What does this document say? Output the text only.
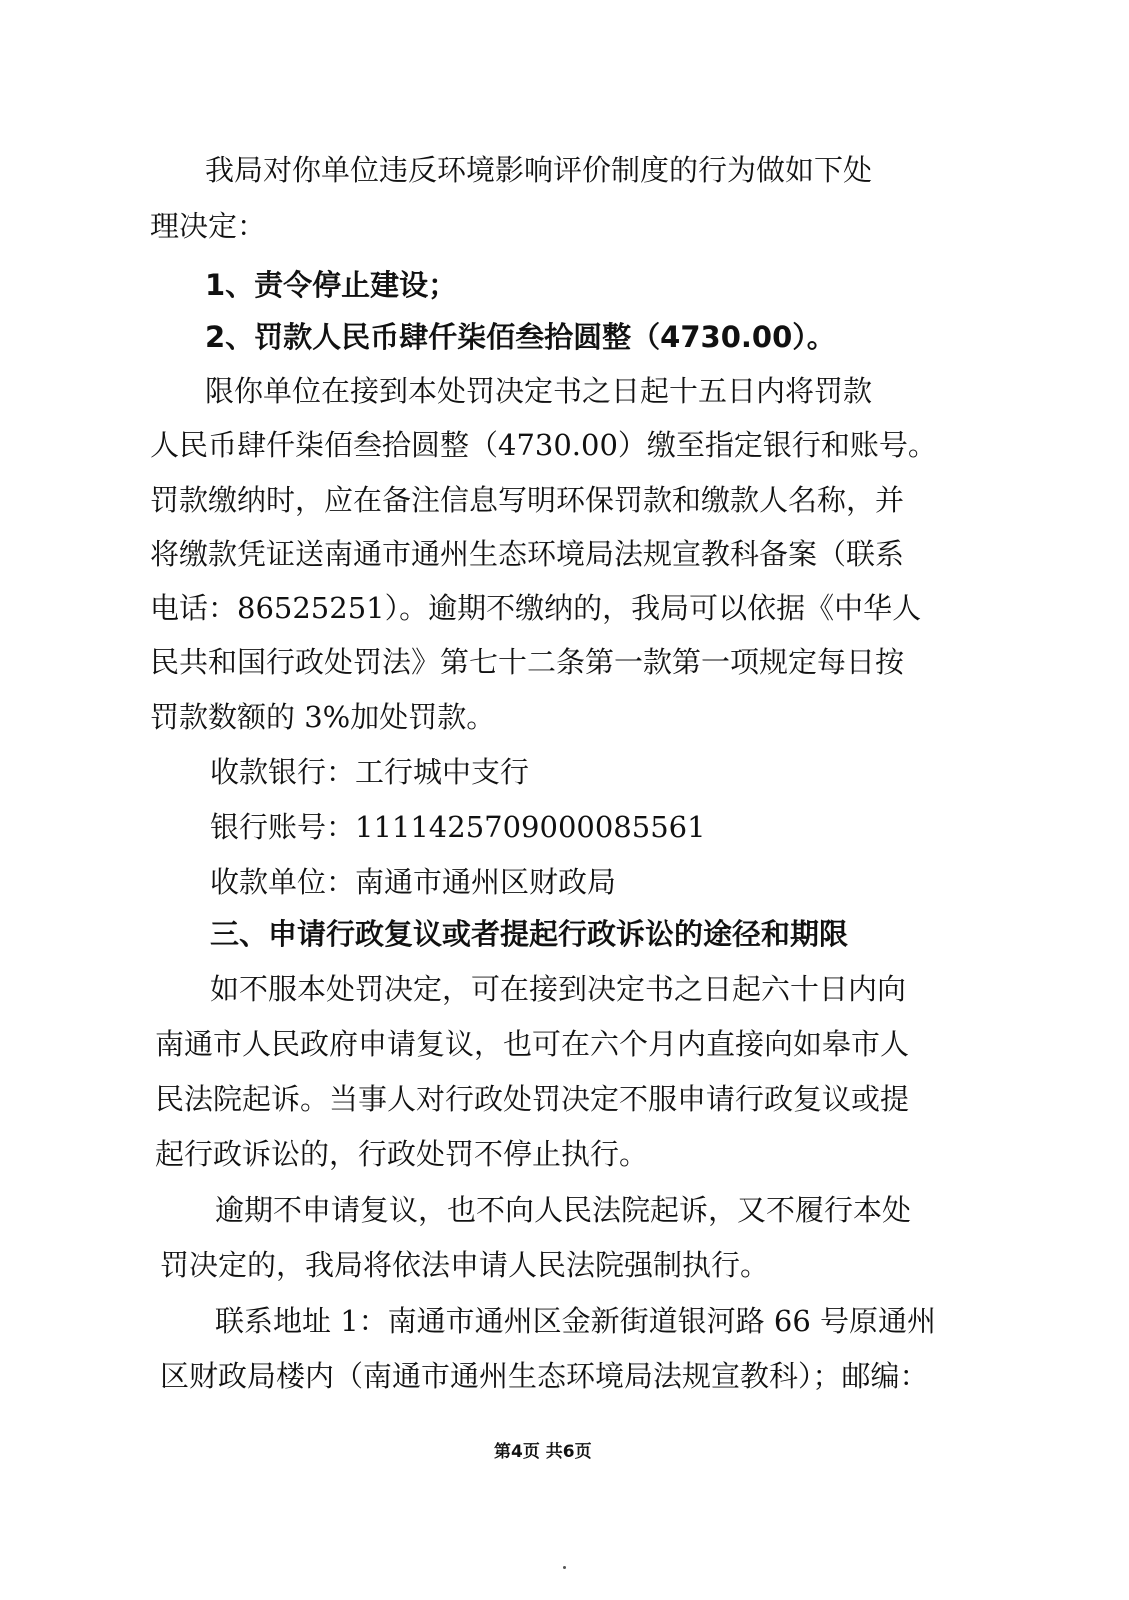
我局对你单位违反环境影响评价制度的行为做如下处
理决定：
1、责令停止建设；
2、罚款人民币肆仟柒佰叁拾圆整（4730.00）。
限你单位在接到本处罚决定书之日起十五日内将罚款
人民币肆仟柒佰叁拾圆整（4730.00）缴至指定银行和账号。
罚款缴纳时，应在备注信息写明环保罚款和缴款人名称，并
将缴款凭证送南通市通州生态环境局法规宣教科备案（联系
电话：86525251）。逾期不缴纳的，我局可以依据《中华人
民共和国行政处罚法》第七十二条第一款第一项规定每日按
罚款数额的 3%加处罚款。
收款银行：工行城中支行
银行账号：1111425709000085561
收款单位：南通市通州区财政局
三、申请行政复议或者提起行政诉讼的途径和期限
如不服本处罚决定，可在接到决定书之日起六十日内向
南通市人民政府申请复议，也可在六个月内直接向如皋市人
民法院起诉。当事人对行政处罚决定不服申请行政复议或提
起行政诉讼的，行政处罚不停止执行。
逾期不申请复议，也不向人民法院起诉，又不履行本处
罚决定的，我局将依法申请人民法院强制执行。
联系地址 1：南通市通州区金新街道银河路 66 号原通州
区财政局楼内（南通市通州生态环境局法规宣教科）；邮编：
第4页 共6页
